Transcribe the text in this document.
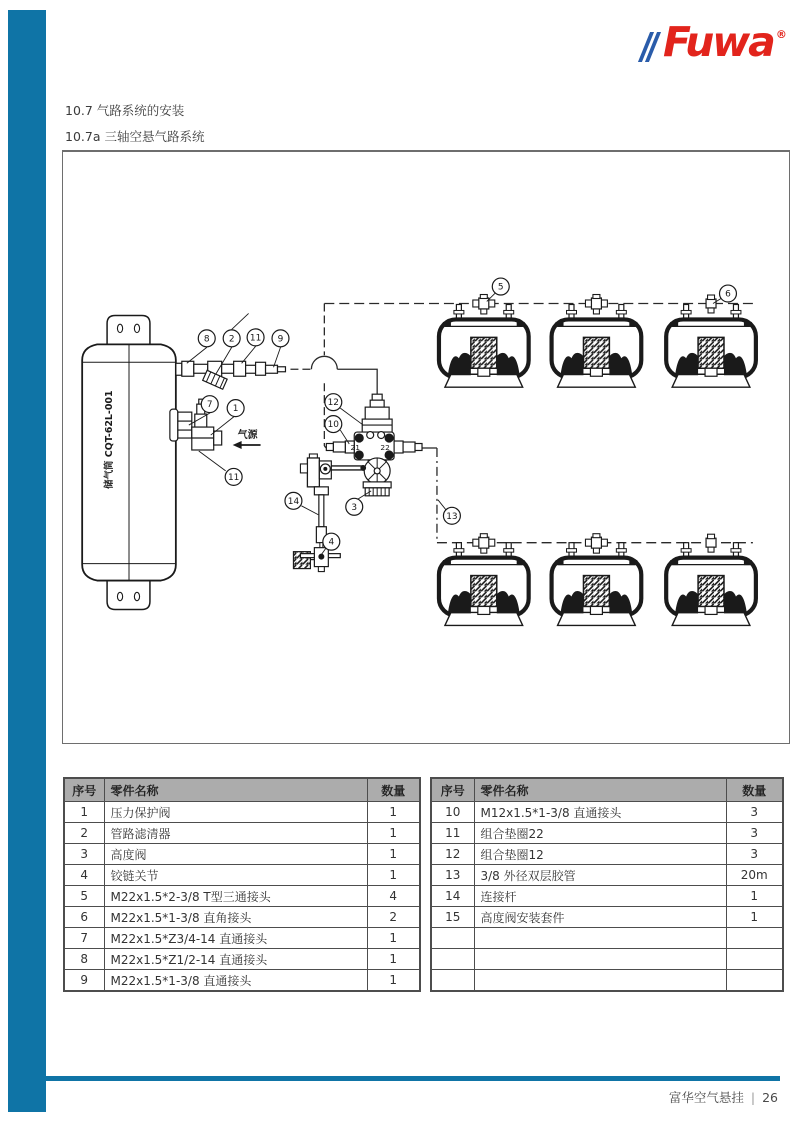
Fuwa ®
10.7 气路系统的安装
10.7a 三轴空悬气路系统
储气筒 CQT-62L-001	气源
21	22
8 2 11 9
7 1
11
12
10
3
14
4
13
5
6
序号	零件名称	数量
1	压力保护阀	1
2	管路滤清器	1
3	高度阀	1
4	铰链关节	1
5	M22x1.5*2-3/8 T型三通接头	4
6	M22x1.5*1-3/8 直角接头	2
7	M22x1.5*Z3/4-14 直通接头	1
8	M22x1.5*Z1/2-14 直通接头	1
9	M22x1.5*1-3/8 直通接头	1
序号	零件名称	数量
10	M12x1.5*1-3/8 直通接头	3
11	组合垫圈22	3
12	组合垫圈12	3
13	3/8 外径双层胶管	20m
14	连接杆	1
15	高度阀安装套件	1

富华空气悬挂 | 26
